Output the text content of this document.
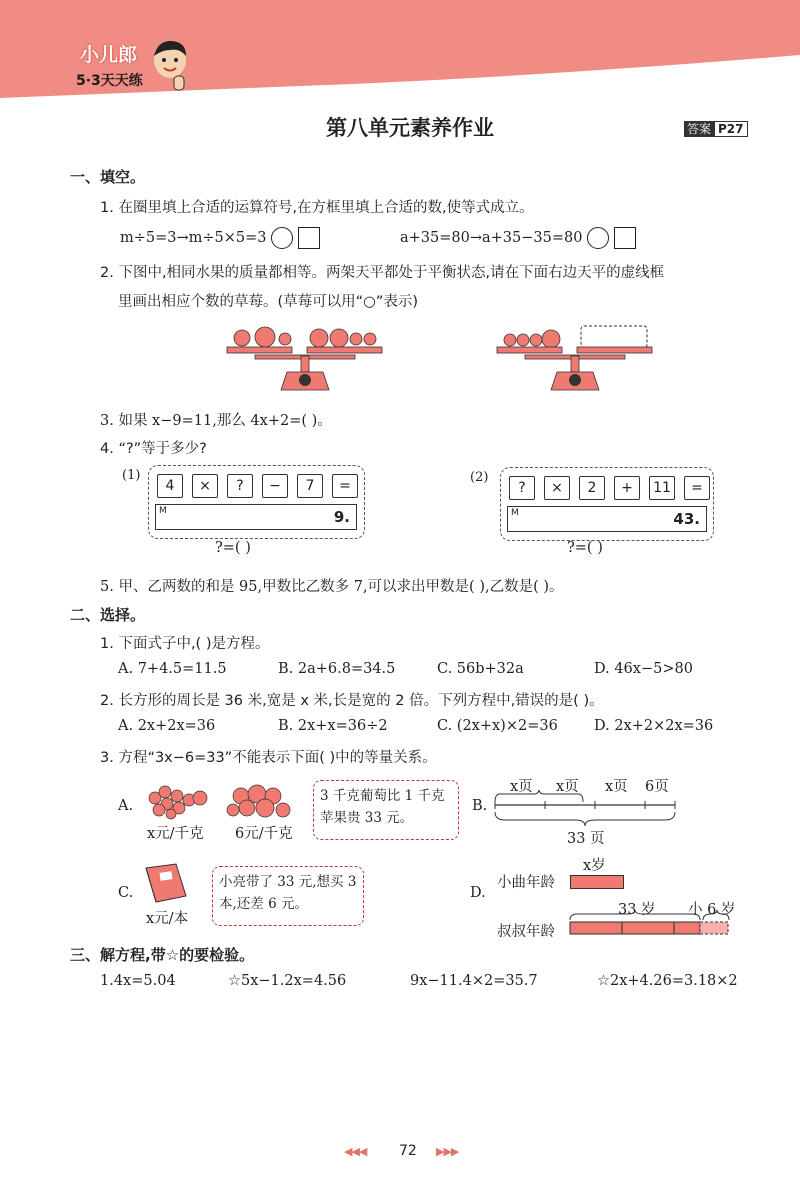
小儿郎
5·3天天练
第八单元素养作业	答案 P27
一、填空。
1. 在圈里填上合适的运算符号,在方框里填上合适的数,使等式成立。
m÷5=3→m÷5×5=3	a+35=80→a+35−35=80
2. 下图中,相同水果的质量都相等。两架天平都处于平衡状态,请在下面右边天平的虚线框
里画出相应个数的草莓。(草莓可以用“○”表示)
3. 如果 x−9=11,那么 4x+2=( )。
4. “?”等于多少?
(1)
4	×	?	−	7	=
M	9.
?=( )
(2)
?	×	2	+	11	=
M	43.
?=( )
5. 甲、乙两数的和是 95,甲数比乙数多 7,可以求出甲数是( ),乙数是( )。
二、选择。
1. 下面式子中,( )是方程。
A. 7+4.5=11.5	B. 2a+6.8=34.5	C. 56b+32a	D. 46x−5>80
2. 长方形的周长是 36 米,宽是 x 米,长是宽的 2 倍。下列方程中,错误的是( )。
A. 2x+2x=36	B. 2x+x=36÷2	C. (2x+x)×2=36 D. 2x+2×2x=36
3. 方程“3x−6=33”不能表示下面( )中的等量关系。
A.
x元/千克 6元/千克
3 千克葡萄比 1 千克苹果贵 33 元。
B.
x页 x页 x页 6页
33 页
C.
x元/本
小亮带了 33 元,想买 3 本,还差 6 元。
D.
x岁
小曲年龄
33 岁 小 6 岁
叔叔年龄
三、解方程,带☆的要检验。
1.4x=5.04	☆5x−1.2x=4.56	9x−11.4×2=35.7	☆2x+4.26=3.18×2
◀◀◀ 72 ▶▶▶
